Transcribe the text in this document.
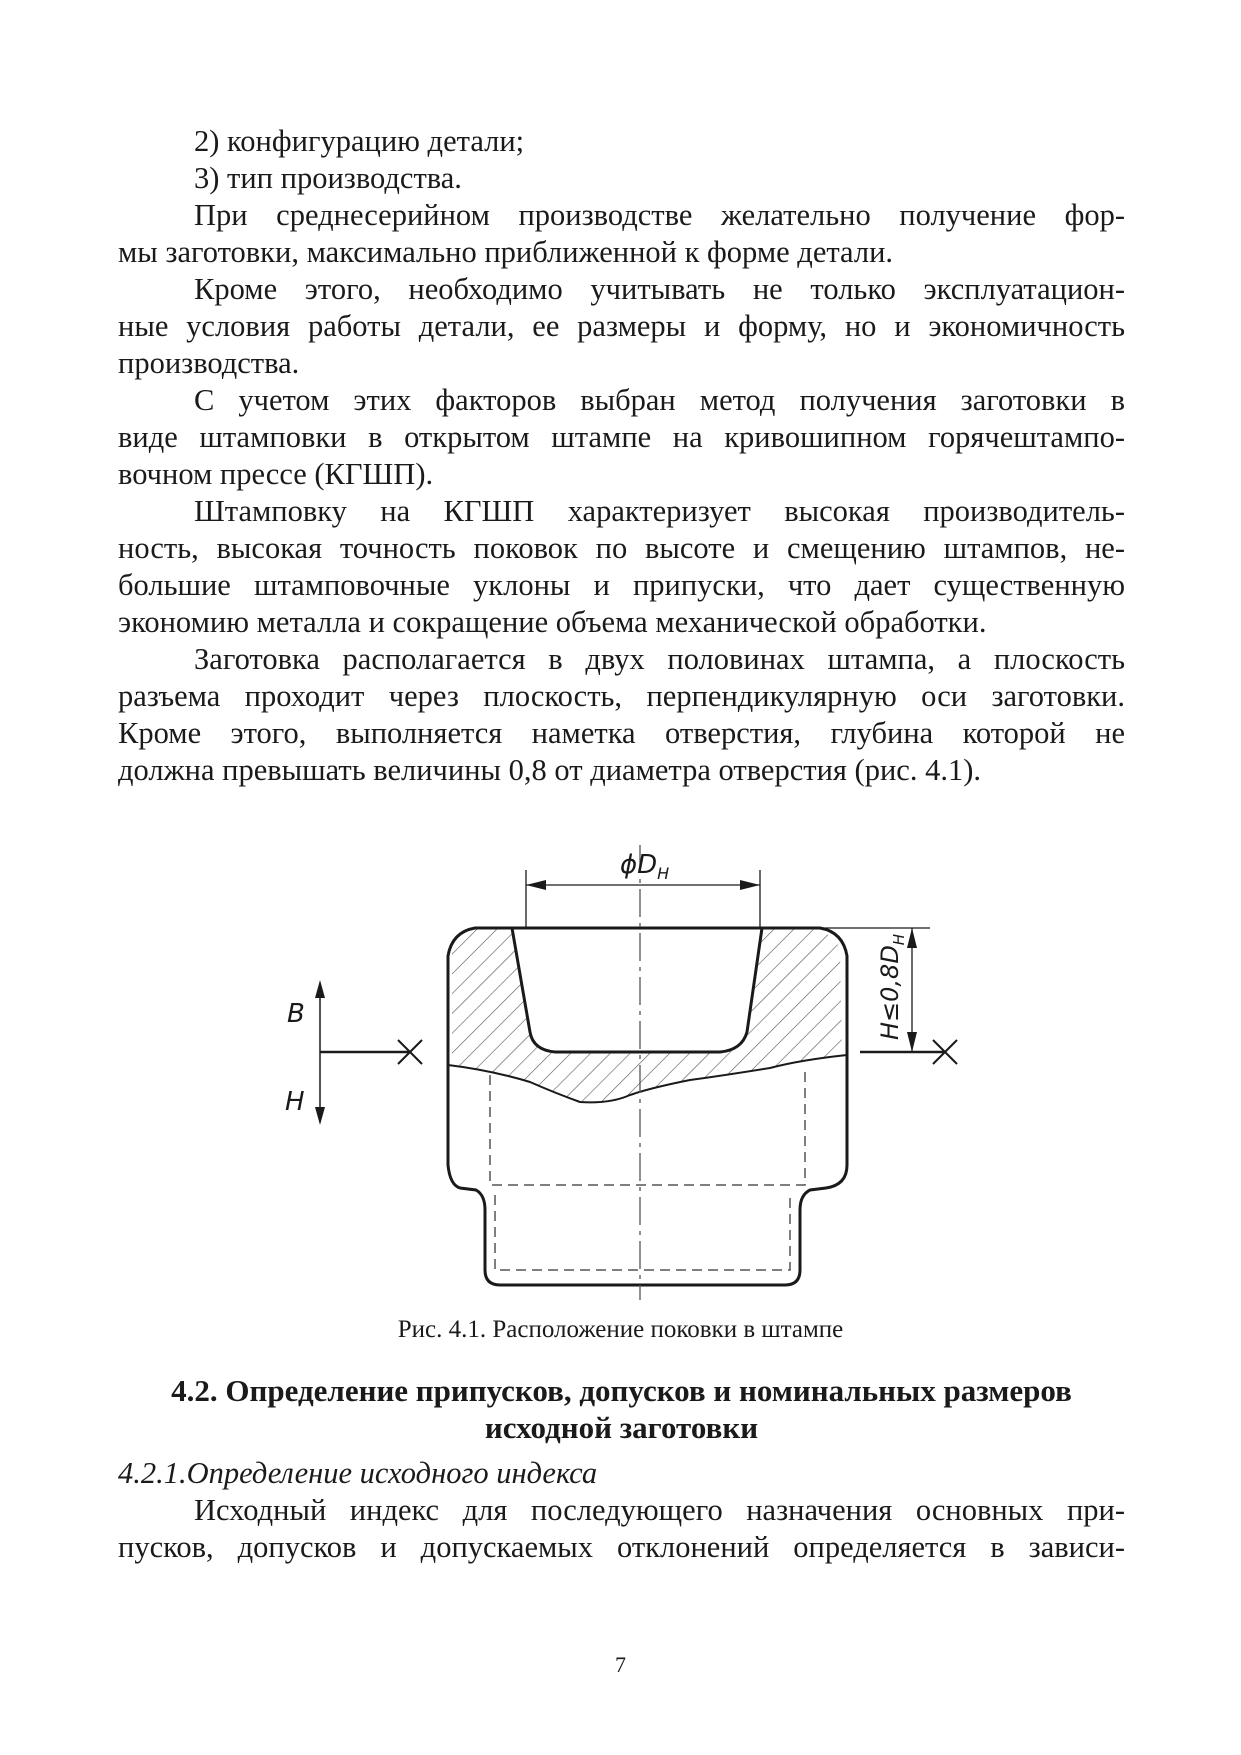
2) конфигурацию детали;
3) тип производства.
При среднесерийном производстве желательно получение фор-
мы заготовки, максимально приближенной к форме детали.
Кроме этого, необходимо учитывать не только эксплуатацион-
ные условия работы детали, ее размеры и форму, но и экономичность
производства.
С учетом этих факторов выбран метод получения заготовки в
виде штамповки в открытом штампе на кривошипном горячештампо-
вочном прессе (КГШП).
Штамповку на КГШП характеризует высокая производитель-
ность, высокая точность поковок по высоте и смещению штампов, не-
большие штамповочные уклоны и припуски, что дает существенную
экономию металла и сокращение объема механической обработки.
Заготовка располагается в двух половинах штампа, а плоскость
разъема проходит через плоскость, перпендикулярную оси заготовки.
Кроме этого, выполняется наметка отверстия, глубина которой не
должна превышать величины 0,8 от диаметра отверстия (рис. 4.1).
$\phi D_Н$
$H\le 0,8D_Н$
В
Н
Рис. 4.1. Расположение поковки в штампе
4.2. Определение припусков, допусков и номинальных размеров
исходной заготовки
4.2.1.Определение исходного индекса
Исходный индекс для последующего назначения основных при-
пусков, допусков и допускаемых отклонений определяется в зависи-
7
